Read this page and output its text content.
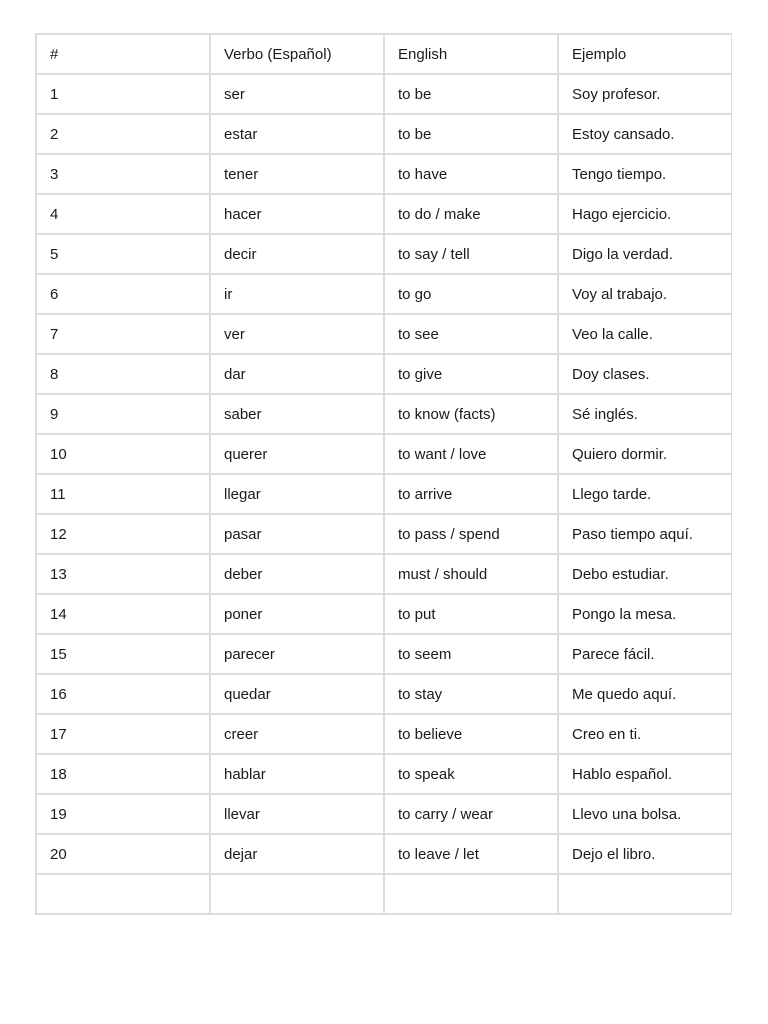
#	Verbo (Español)	English	Ejemplo
1	ser	to be	Soy profesor.
2	estar	to be	Estoy cansado.
3	tener	to have	Tengo tiempo.
4	hacer	to do / make	Hago ejercicio.
5	decir	to say / tell	Digo la verdad.
6	ir	to go	Voy al trabajo.
7	ver	to see	Veo la calle.
8	dar	to give	Doy clases.
9	saber	to know (facts)	Sé inglés.
10	querer	to want / love	Quiero dormir.
11	llegar	to arrive	Llego tarde.
12	pasar	to pass / spend	Paso tiempo aquí.
13	deber	must / should	Debo estudiar.
14	poner	to put	Pongo la mesa.
15	parecer	to seem	Parece fácil.
16	quedar	to stay	Me quedo aquí.
17	creer	to believe	Creo en ti.
18	hablar	to speak	Hablo español.
19	llevar	to carry / wear	Llevo una bolsa.
20	dejar	to leave / let	Dejo el libro.
